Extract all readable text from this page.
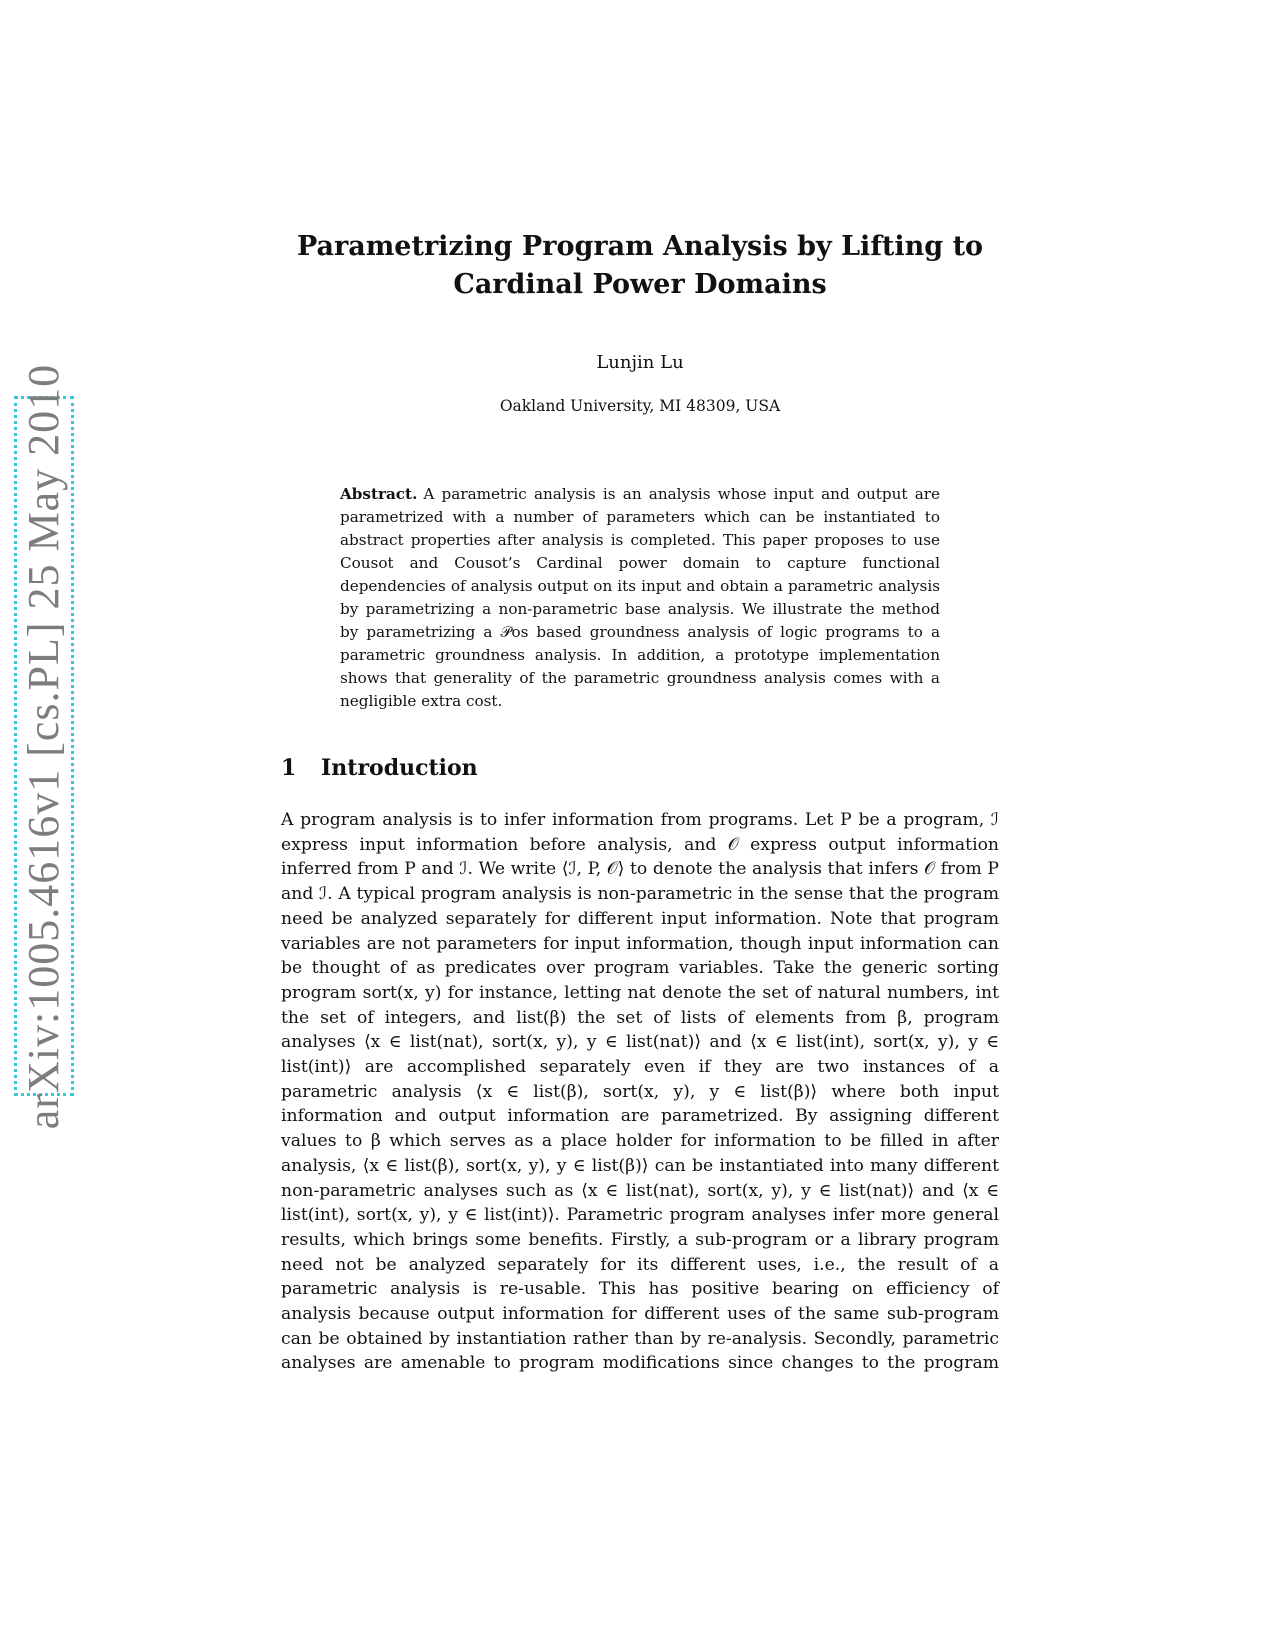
arXiv:1005.4616v1 [cs.PL] 25 May 2010
Parametrizing Program Analysis by Lifting to
Cardinal Power Domains
Lunjin Lu
Oakland University, MI 48309, USA
Abstract. A parametric analysis is an analysis whose input and output are parametrized with a number of parameters which can be instantiated to abstract properties after analysis is completed. This paper proposes to use Cousot and Cousot’s Cardinal power domain to capture functional dependencies of analysis output on its input and obtain a parametric analysis by parametrizing a non-parametric base analysis. We illustrate the method by parametrizing a 𝒫os based groundness analysis of logic programs to a parametric groundness analysis. In addition, a prototype implementation shows that generality of the parametric groundness analysis comes with a negligible extra cost.
1 Introduction
A program analysis is to infer information from programs. Let P be a program, ℐ express input information before analysis, and 𝒪 express output information inferred from P and ℐ. We write ⟨ℐ, P, 𝒪⟩ to denote the analysis that infers 𝒪 from P and ℐ. A typical program analysis is non-parametric in the sense that the program need be analyzed separately for different input information. Note that program variables are not parameters for input information, though input information can be thought of as predicates over program variables. Take the generic sorting program sort(x, y) for instance, letting nat denote the set of natural numbers, int the set of integers, and list(β) the set of lists of elements from β, program analyses ⟨x ∈ list(nat), sort(x, y), y ∈ list(nat)⟩ and ⟨x ∈ list(int), sort(x, y), y ∈ list(int)⟩ are accomplished separately even if they are two instances of a parametric analysis ⟨x ∈ list(β), sort(x, y), y ∈ list(β)⟩ where both input information and output information are parametrized. By assigning different values to β which serves as a place holder for information to be filled in after analysis, ⟨x ∈ list(β), sort(x, y), y ∈ list(β)⟩ can be instantiated into many different non-parametric analyses such as ⟨x ∈ list(nat), sort(x, y), y ∈ list(nat)⟩ and ⟨x ∈ list(int), sort(x, y), y ∈ list(int)⟩. Parametric program analyses infer more general results, which brings some benefits. Firstly, a sub-program or a library program need not be analyzed separately for its different uses, i.e., the result of a parametric analysis is re-usable. This has positive bearing on efficiency of analysis because output information for different uses of the same sub-program can be obtained by instantiation rather than by re-analysis. Secondly, parametric analyses are amenable to program modifications since changes to the program
